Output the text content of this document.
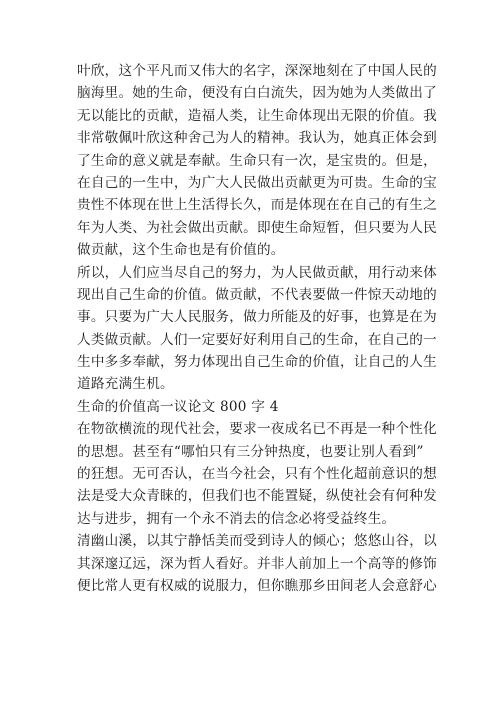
叶欣，这个平凡而又伟大的名字，深深地刻在了中国人民的
脑海里。她的生命，便没有白白流失，因为她为人类做出了
无以能比的贡献，造福人类，让生命体现出无限的价值。我
非常敬佩叶欣这种舍己为人的精神。我认为，她真正体会到
了生命的意义就是奉献。生命只有一次，是宝贵的。但是，
在自己的一生中，为广大人民做出贡献更为可贵。生命的宝
贵性不体现在世上生活得长久，而是体现在在自己的有生之
年为人类、为社会做出贡献。即使生命短暂，但只要为人民
做贡献，这个生命也是有价值的。
所以，人们应当尽自己的努力，为人民做贡献，用行动来体
现出自己生命的价值。做贡献，不代表要做一件惊天动地的
事。只要为广大人民服务，做力所能及的好事，也算是在为
人类做贡献。人们一定要好好利用自己的生命，在自己的一
生中多多奉献，努力体现出自己生命的价值，让自己的人生
道路充满生机。
生命的价值高一议论文 800 字 4
在物欲横流的现代社会，要求一夜成名已不再是一种个性化
的思想。甚至有“哪怕只有三分钟热度，也要让别人看到”
的狂想。无可否认，在当今社会，只有个性化超前意识的想
法是受大众青睐的，但我们也不能置疑，纵使社会有何种发
达与进步，拥有一个永不消去的信念必将受益终生。
清幽山溪，以其宁静恬美而受到诗人的倾心；悠悠山谷，以
其深邃辽远，深为哲人看好。并非人前加上一个高等的修饰
便比常人更有权威的说服力，但你瞧那乡田间老人会意舒心
